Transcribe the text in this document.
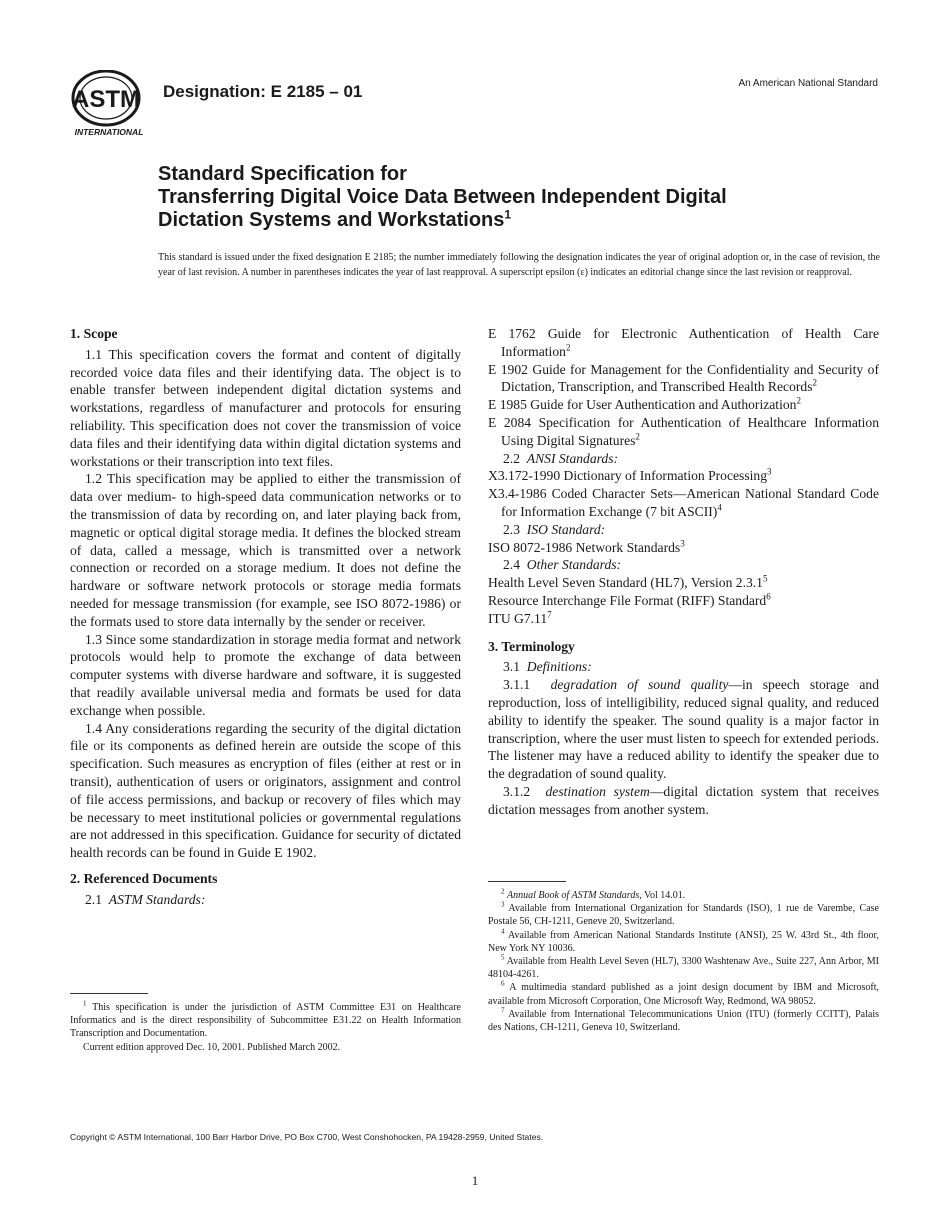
ASTM
INTERNATIONAL
Designation: E 2185 – 01	An American National Standard
Standard Specification for
Transferring Digital Voice Data Between Independent Digital
Dictation Systems and Workstations$^1$
This standard is issued under the fixed designation E 2185; the number immediately following the designation indicates the year of original adoption or, in the case of revision, the year of last revision. A number in parentheses indicates the year of last reapproval. A superscript epsilon (ε) indicates an editorial change since the last revision or reapproval.
1. Scope

1.1 This specification covers the format and content of digitally recorded voice data files and their identifying data. The object is to enable transfer between independent digital dictation systems and workstations, regardless of manufacturer and protocols for ensuring reliability. This specification does not cover the transmission of voice data files and their identifying data within digital dictation systems and workstations or their transcription into text files.

1.2 This specification may be applied to either the transmission of data over medium- to high-speed data communication networks or to the transmission of data by recording on, and later playing back from, magnetic or optical digital storage media. It defines the blocked stream of data, called a message, which is transmitted over a network connection or recorded on a storage medium. It does not define the hardware or software network protocols or storage media formats needed for message transmission (for example, see ISO 8072-1986) or the formats used to store data internally by the sender or receiver.

1.3 Since some standardization in storage media format and network protocols would help to promote the exchange of data between computer systems with diverse hardware and software, it is suggested that readily available universal media and formats be used for data exchange when possible.

1.4 Any considerations regarding the security of the digital dictation file or its components as defined herein are outside the scope of this specification. Such measures as encryption of files (either at rest or in transit), authentication of users or originators, assignment and control of file access permissions, and backup or recovery of files which may be necessary to meet institutional policies or governmental regulations are not addressed in this specification. Guidance for security of dictated health records can be found in Guide E 1902.

2. Referenced Documents
2.1 ASTM Standards:

$^1$ This specification is under the jurisdiction of ASTM Committee E31 on Healthcare Informatics and is the direct responsibility of Subcommittee E31.22 on Health Information Transcription and Documentation.

Current edition approved Dec. 10, 2001. Published March 2002.

E 1762 Guide for Electronic Authentication of Health Care Information$^2$
E 1902 Guide for Management for the Confidentiality and Security of Dictation, Transcription, and Transcribed Health Records$^2$
E 1985 Guide for User Authentication and Authorization$^2$
E 2084 Specification for Authentication of Healthcare Information Using Digital Signatures$^2$
2.2 ANSI Standards:
X3.172-1990 Dictionary of Information Processing$^3$
X3.4-1986 Coded Character Sets—American National Standard Code for Information Exchange (7 bit ASCII)$^4$
2.3 ISO Standard:
ISO 8072-1986 Network Standards$^3$
2.4 Other Standards:
Health Level Seven Standard (HL7), Version 2.3.1$^5$
Resource Interchange File Format (RIFF) Standard$^6$
ITU G7.11$^7$
3. Terminology
3.1 Definitions:

3.1.1 degradation of sound quality—in speech storage and reproduction, loss of intelligibility, reduced signal quality, and reduced ability to identify the speaker. The sound quality is a major factor in transcription, where the user must listen to speech for extended periods. The listener may have a reduced ability to identify the speaker due to the degradation of sound quality.

3.1.2 destination system—digital dictation system that receives dictation messages from another system.

$^2$ Annual Book of ASTM Standards, Vol 14.01.

$^3$ Available from International Organization for Standards (ISO), 1 rue de Varembe, Case Postale 56, CH-1211, Geneve 20, Switzerland.

$^4$ Available from American National Standards Institute (ANSI), 25 W. 43rd St., 4th floor, New York NY 10036.

$^5$ Available from Health Level Seven (HL7), 3300 Washtenaw Ave., Suite 227, Ann Arbor, MI 48104-4261.

$^6$ A multimedia standard published as a joint design document by IBM and Microsoft, available from Microsoft Corporation, One Microsoft Way, Redmond, WA 98052.

$^7$ Available from International Telecommunications Union (ITU) (formerly CCITT), Palais des Nations, CH-1211, Geneva 10, Switzerland.

Copyright © ASTM International, 100 Barr Harbor Drive, PO Box C700, West Conshohocken, PA 19428-2959, United States.
1
